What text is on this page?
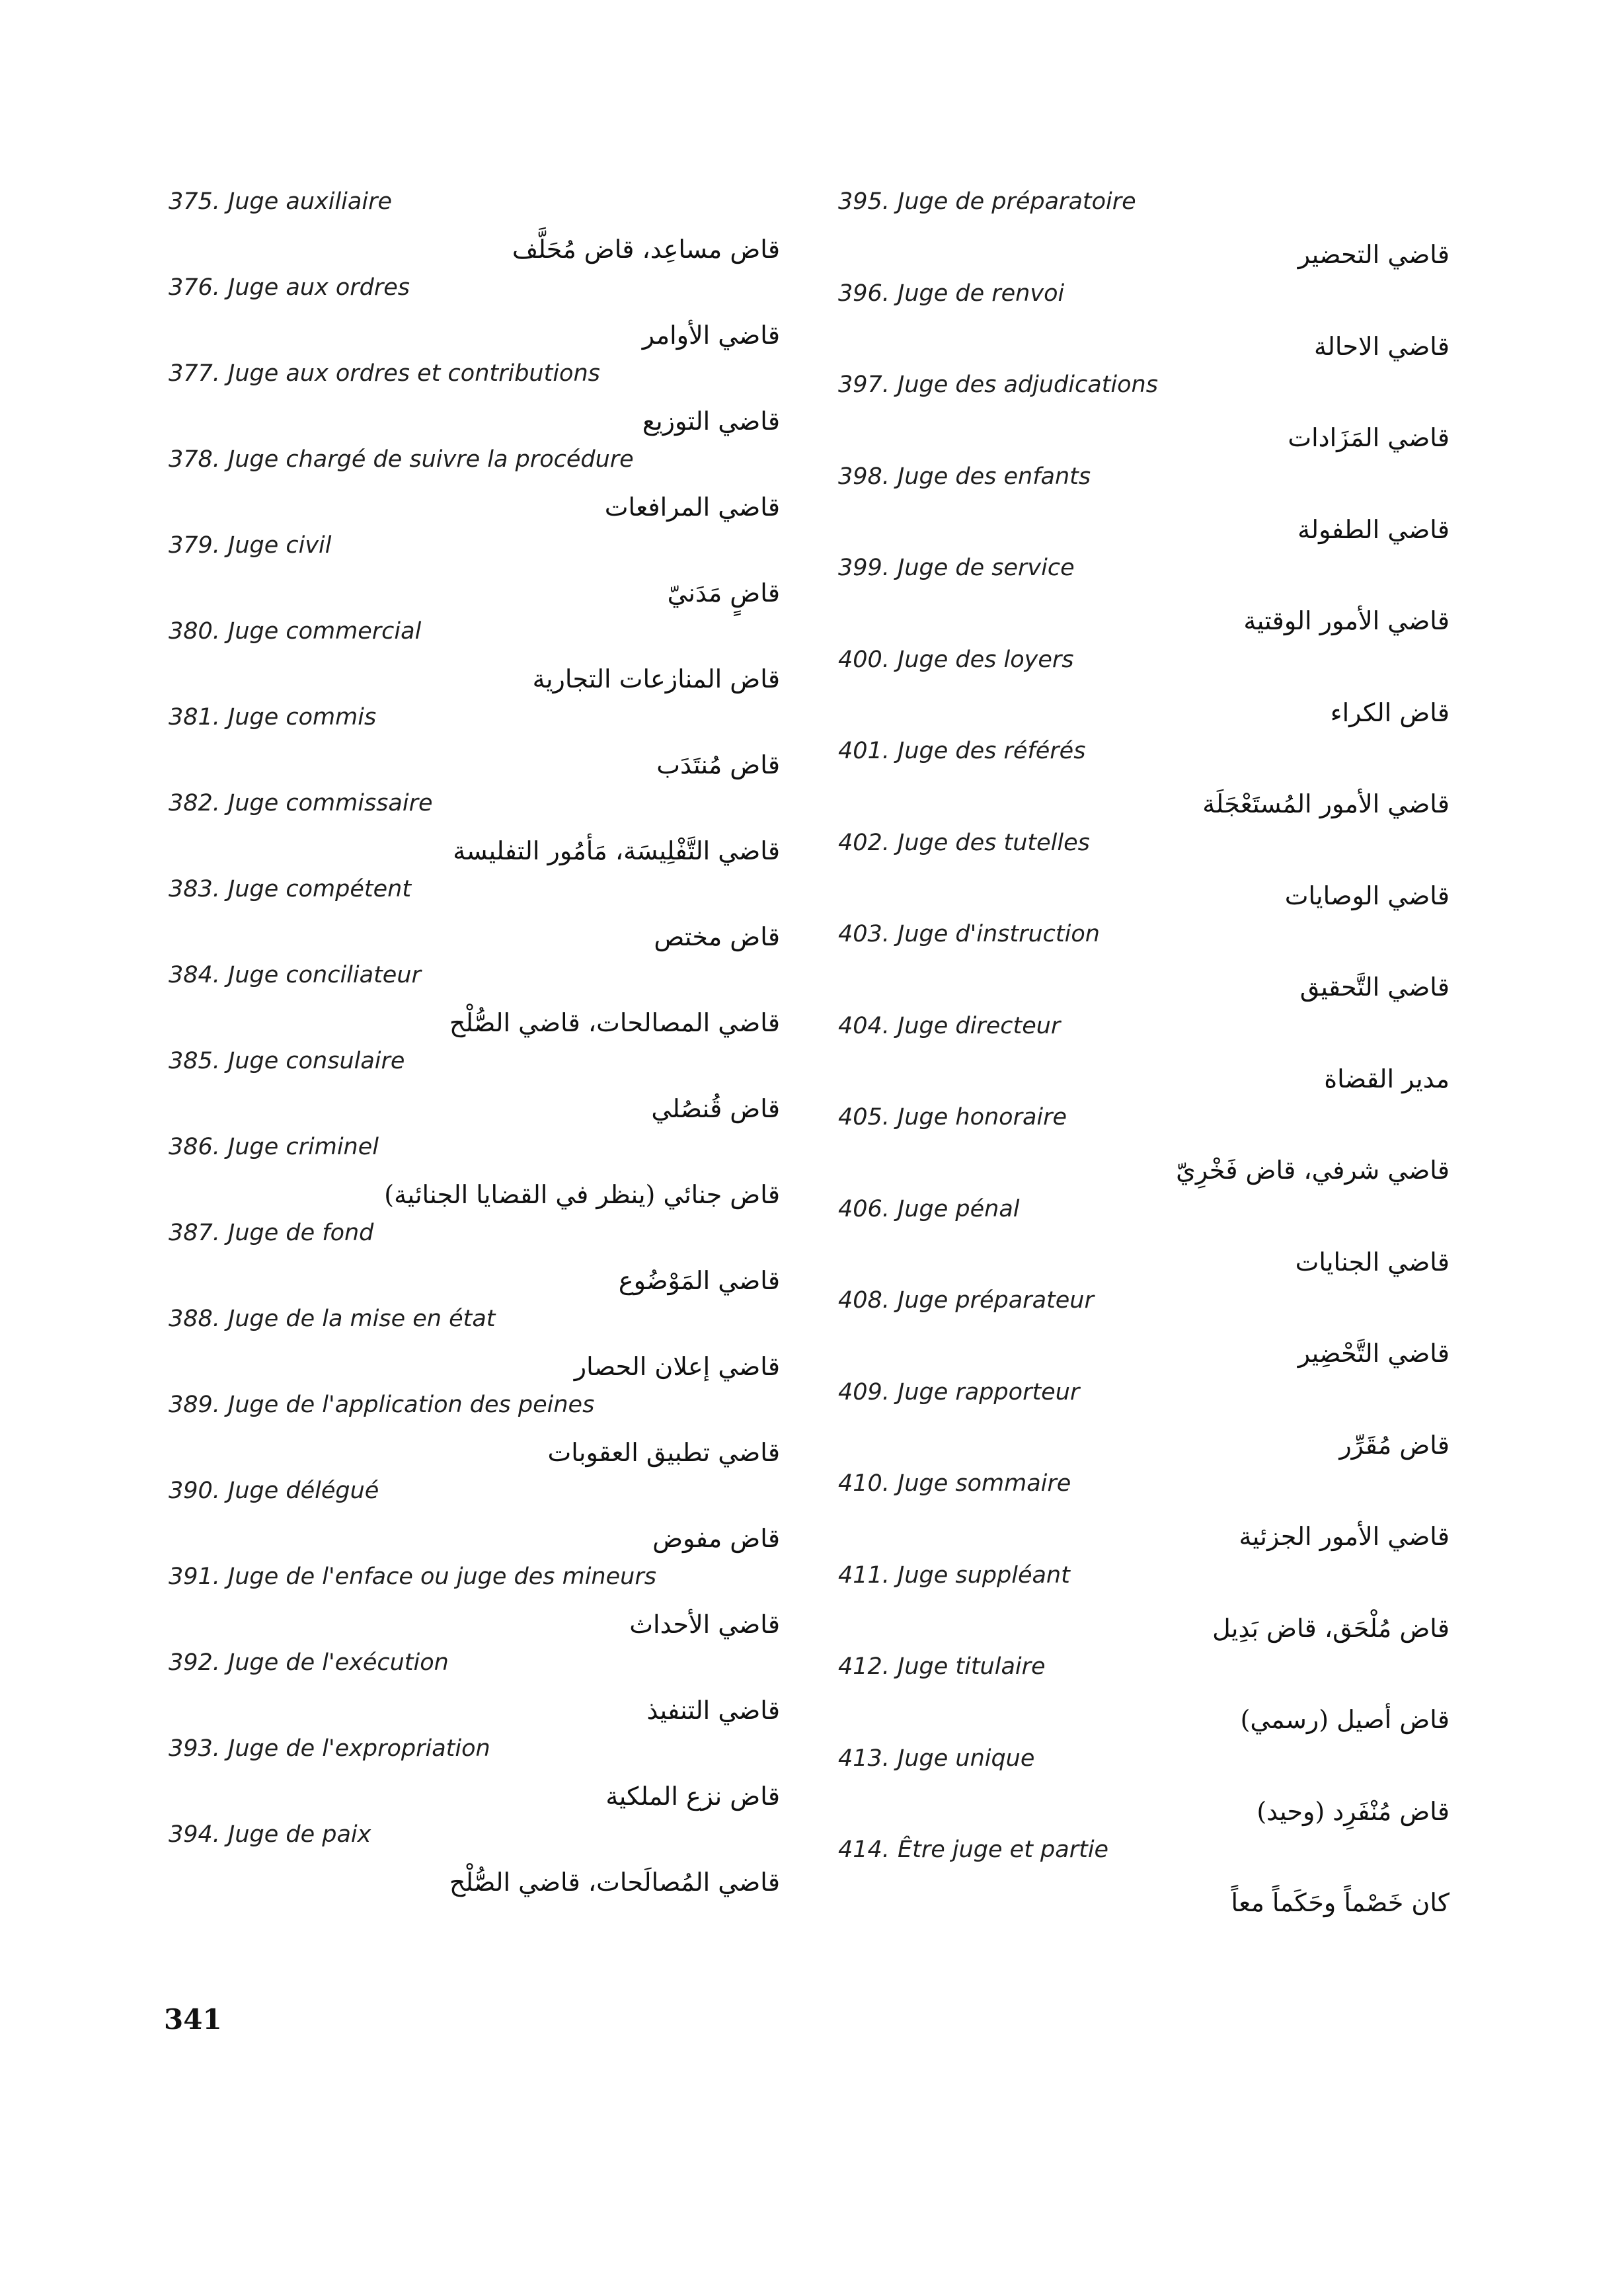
375. Juge auxiliaire
قاض مساعِد، قاض مُحَلَّف
376. Juge aux ordres
قاضي الأوامر
377. Juge aux ordres et contributions
قاضي التوزيع
378. Juge chargé de suivre la procédure
قاضي المرافعات
379. Juge civil
قاضٍ مَدَنيّ
380. Juge commercial
قاض المنازعات التجارية
381. Juge commis
قاض مُنتَدَب
382. Juge commissaire
قاضي التَّفْلِيسَة، مَأمُور التفليسة
383. Juge compétent
قاض مختص
384. Juge conciliateur
قاضي المصالحات، قاضي الصُّلْح
385. Juge consulaire
قاض قُنصُلي
386. Juge criminel
قاض جنائي (ينظر في القضايا الجنائية)
387. Juge de fond
قاضي المَوْضُوع
388. Juge de la mise en état
قاضي إعلان الحصار
389. Juge de l'application des peines
قاضي تطبيق العقوبات
390. Juge délégué
قاض مفوض
391. Juge de l'enface ou juge des mineurs
قاضي الأحداث
392. Juge de l'exécution
قاضي التنفيذ
393. Juge de l'expropriation
قاض نزع الملكية
394. Juge de paix
قاضي المُصالَحات، قاضي الصُّلْح
395. Juge de préparatoire
قاضي التحضير
396. Juge de renvoi
قاضي الاحالة
397. Juge des adjudications
قاضي المَزَادات
398. Juge des enfants
قاضي الطفولة
399. Juge de service
قاضي الأمور الوقتية
400. Juge des loyers
قاض الكراء
401. Juge des référés
قاضي الأمور المُستَعْجَلَة
402. Juge des tutelles
قاضي الوصايات
403. Juge d'instruction
قاضي التَّحقيق
404. Juge directeur
مدير القضاة
405. Juge honoraire
قاضي شرفي، قاض فَخْرِيّ
406. Juge pénal
قاضي الجنايات
408. Juge préparateur
قاضي التَّحْضِير
409. Juge rapporteur
قاض مُقَرِّر
410. Juge sommaire
قاضي الأمور الجزئية
411. Juge suppléant
قاض مُلْحَق، قاض بَدِيل
412. Juge titulaire
قاض أصيل (رسمي)
413. Juge unique
قاض مُنْفَرِد (وحيد)
414. Être juge et partie
كان خَصْماً وحَكَماً معاً
341
